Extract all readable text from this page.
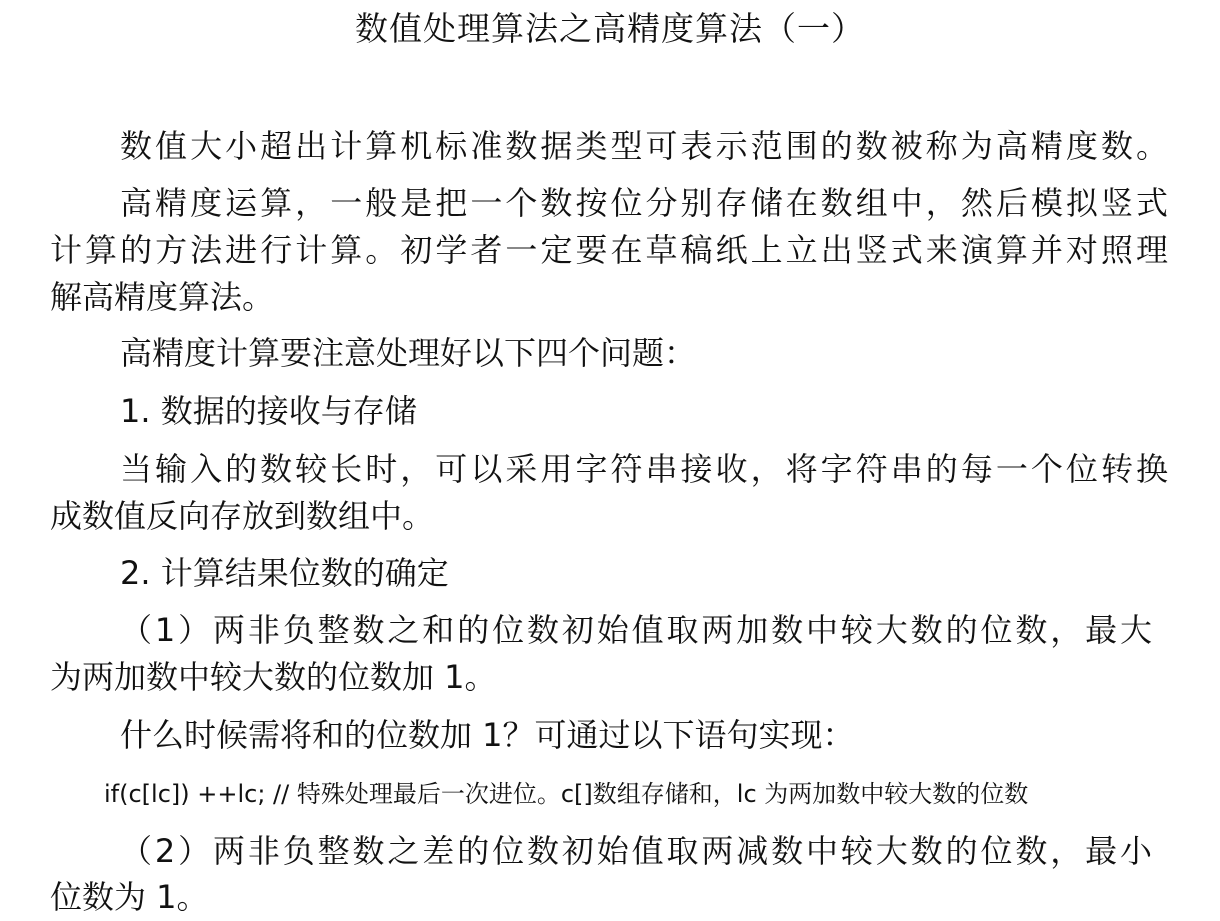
数值处理算法之高精度算法（一）
数值大小超出计算机标准数据类型可表示范围的数被称为高精度数。
高精度运算，一般是把一个数按位分别存储在数组中，然后模拟竖式
计算的方法进行计算。初学者一定要在草稿纸上立出竖式来演算并对照理
解高精度算法。
高精度计算要注意处理好以下四个问题：
1. 数据的接收与存储
当输入的数较长时，可以采用字符串接收，将字符串的每一个位转换
成数值反向存放到数组中。
2. 计算结果位数的确定
（1）两非负整数之和的位数初始值取两加数中较大数的位数，最大
为两加数中较大数的位数加 1。
什么时候需将和的位数加 1？可通过以下语句实现：
if(c[lc]) ++lc; // 特殊处理最后一次进位。c[]数组存储和，lc 为两加数中较大数的位数
（2）两非负整数之差的位数初始值取两减数中较大数的位数，最小
位数为 1。
